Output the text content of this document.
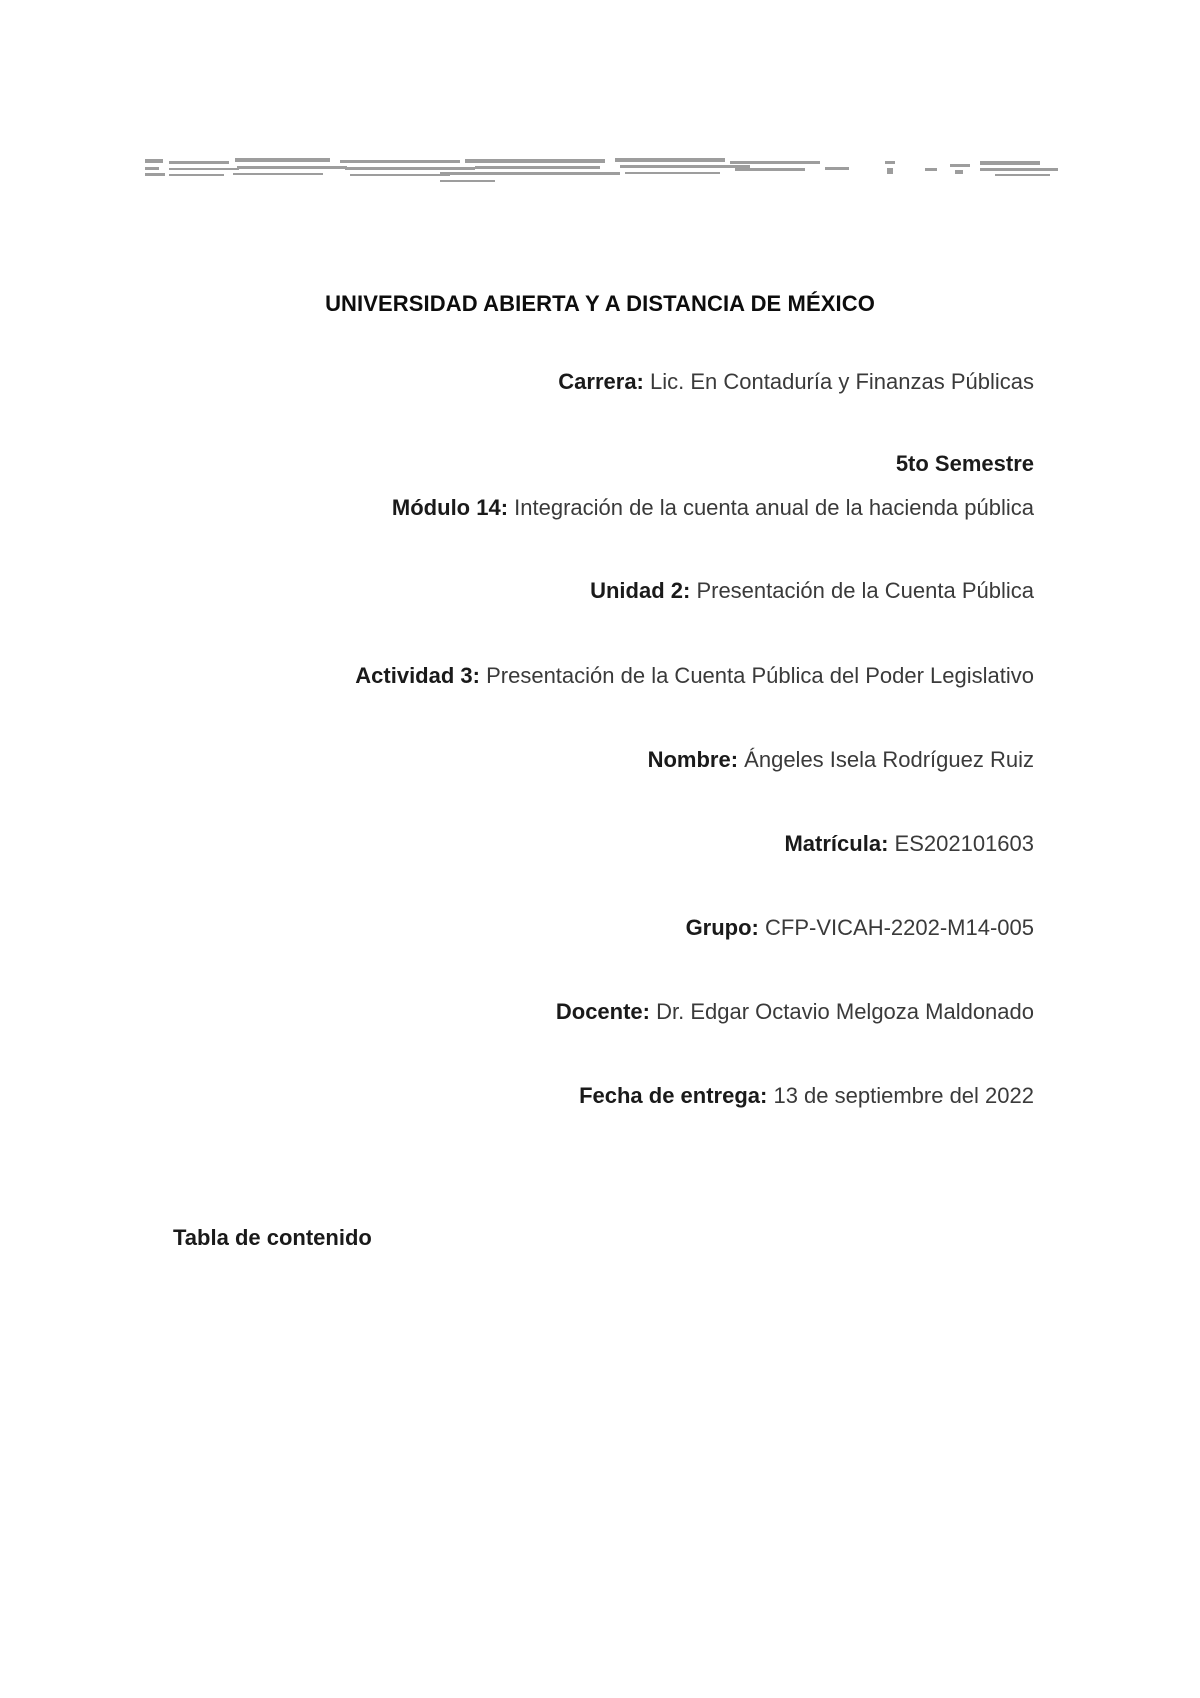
UNIVERSIDAD ABIERTA Y A DISTANCIA DE MÉXICO
Carrera: Lic. En Contaduría y Finanzas Públicas
5to Semestre
Módulo 14: Integración de la cuenta anual de la hacienda pública
Unidad 2: Presentación de la Cuenta Pública
Actividad 3: Presentación de la Cuenta Pública del Poder Legislativo
Nombre: Ángeles Isela Rodríguez Ruiz
Matrícula: ES202101603
Grupo: CFP-VICAH-2202-M14-005
Docente: Dr. Edgar Octavio Melgoza Maldonado
Fecha de entrega: 13 de septiembre del 2022
Tabla de contenido
